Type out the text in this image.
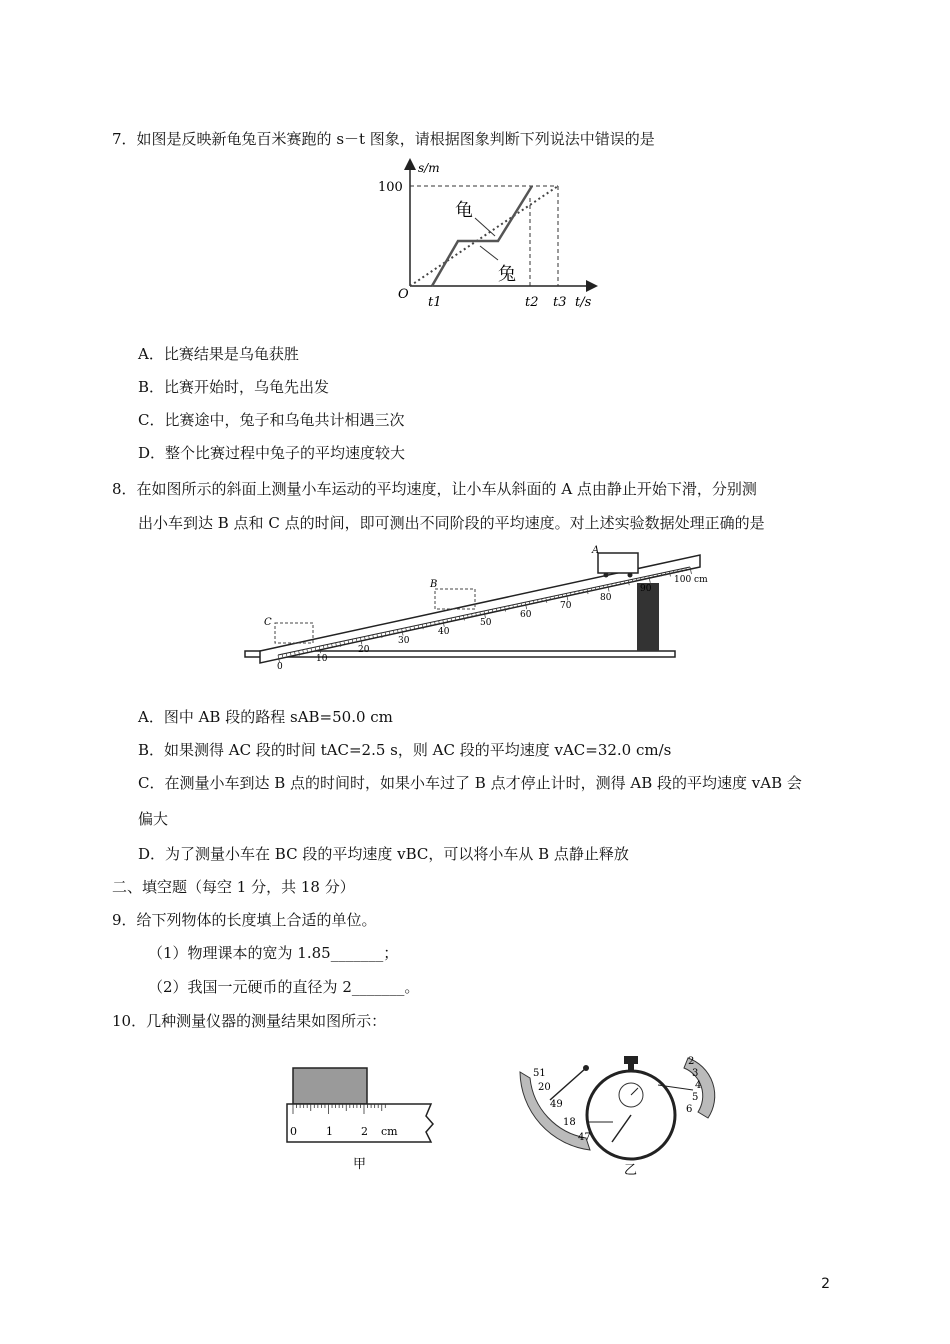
7．如图是反映新龟兔百米赛跑的 s－t 图象，请根据图象判断下列说法中错误的是
s/m
100
O
龟
兔
t1	t2 t3 t/s
A．比赛结果是乌龟获胜
B．比赛开始时，乌龟先出发
C．比赛途中，兔子和乌龟共计相遇三次
D．整个比赛过程中兔子的平均速度较大
8．在如图所示的斜面上测量小车运动的平均速度，让小车从斜面的 A 点由静止开始下滑，分别测
出小车到达 B 点和 C 点的时间，即可测出不同阶段的平均速度。对上述实验数据处理正确的是
0
10
20
30
40
50
60
70
80
90
100 cm
A
B
C
A．图中 AB 段的路程 sAB=50.0 cm
B．如果测得 AC 段的时间 tAC=2.5 s，则 AC 段的平均速度 vAC=32.0 cm/s
C．在测量小车到达 B 点的时间时，如果小车过了 B 点才停止计时，测得 AB 段的平均速度 vAB 会
偏大
D．为了测量小车在 BC 段的平均速度 vBC，可以将小车从 B 点静止释放
二、填空题（每空 1 分，共 18 分）
9．给下列物体的长度填上合适的单位。
（1）物理课本的宽为 1.85_______；
（2）我国一元硬币的直径为 2_______。
10．几种测量仪器的测量结果如图所示：
0	1	2 cm
甲
51
20
49
18
47
2
3
4
5
6
乙
2
